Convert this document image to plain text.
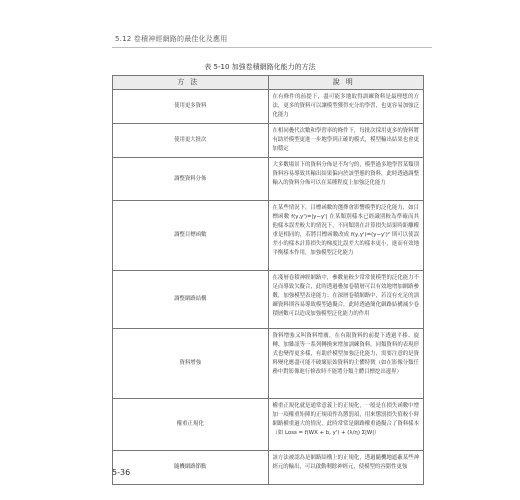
5.12 卷積神經網路的最佳化及應用
表 5-10 加強卷積網路化能力的方法
方法	說明
使用更多資料	在有條件的前提下，盡可能多地取得訓練資料是最理想的方法，更多的資料可以讓模型獲得充分的學習，也更容易加強泛化能力
使用更大批次	在相同疊代次數和學習率的條件下，每批次採用更多的資料將有助於模型更進一步地學到正確的模式，模型輸出結果也會更加穩定
調整資料分佈	大多數場景下的資料分佈是不均勻的，模型過多地學習某類別資料容易導致其輸出結果偏向於該型態的資料，此時透過調整輸入的資料分佈可以在某種程度上加強泛化能力
調整目標函數	在某些情況下，目標函數的選擇會影響模型的泛化能力，如目標函數 f(y,y')=|y−y'| 在某類別樣本已經識別較為準確而其他樣本誤差較大的情況下，不同類別在計算損失結果時距離權重是相同的，若將目標函數改成 f(y,y')=(y−y')² 則可以使誤差小的樣本計算損失的梯度比誤差大的樣本更小，進而有效地平衡樣本作用，加強模型泛化能力
調整網路結構	在淺層卷積神經網路中，參數量較少常常使模型的泛化能力不足而導致欠擬合，此時透過疊加卷積層可以有效地增加網路參數，加強模型表達能力；在深層卷積網路中，若沒有充足的訓練資料則容易導致模型過擬合，此時透過簡化網路結構減少卷積層數可以造成加強模型泛化能力的作用
資料增強	資料增強又叫資料增廣，在有限資料的前提下透過平移、旋轉、加雜訊等一系列轉換來增加訓練資料，同類資料的表現形式也變得更多樣，有助於模型加強泛化能力，需要注意的是資料變化應盡可能不破壞原始資料的主體特徵（如在影像分類任務中對影像進行修改時不能將分類主體目標挖出邊界）
權重正規化	權重正規化就是通常意義上的正規化，一般是在損失函數中增加一項權重矩陣的正規項作為懲罰項，用來懲罰損失值較小時網路權重過大的情況，此時常常是網路權重過擬合了資料樣本（如 Loss = f(WX + b, y') + (λ/η) Σ|W|）
隨機網路節點	該方法被認為是網路結構上的正規化，透過隨機地遮蔽某些神經元的輸出，可以啟動剩餘神經元，使模型的容錯性更強
5-36
